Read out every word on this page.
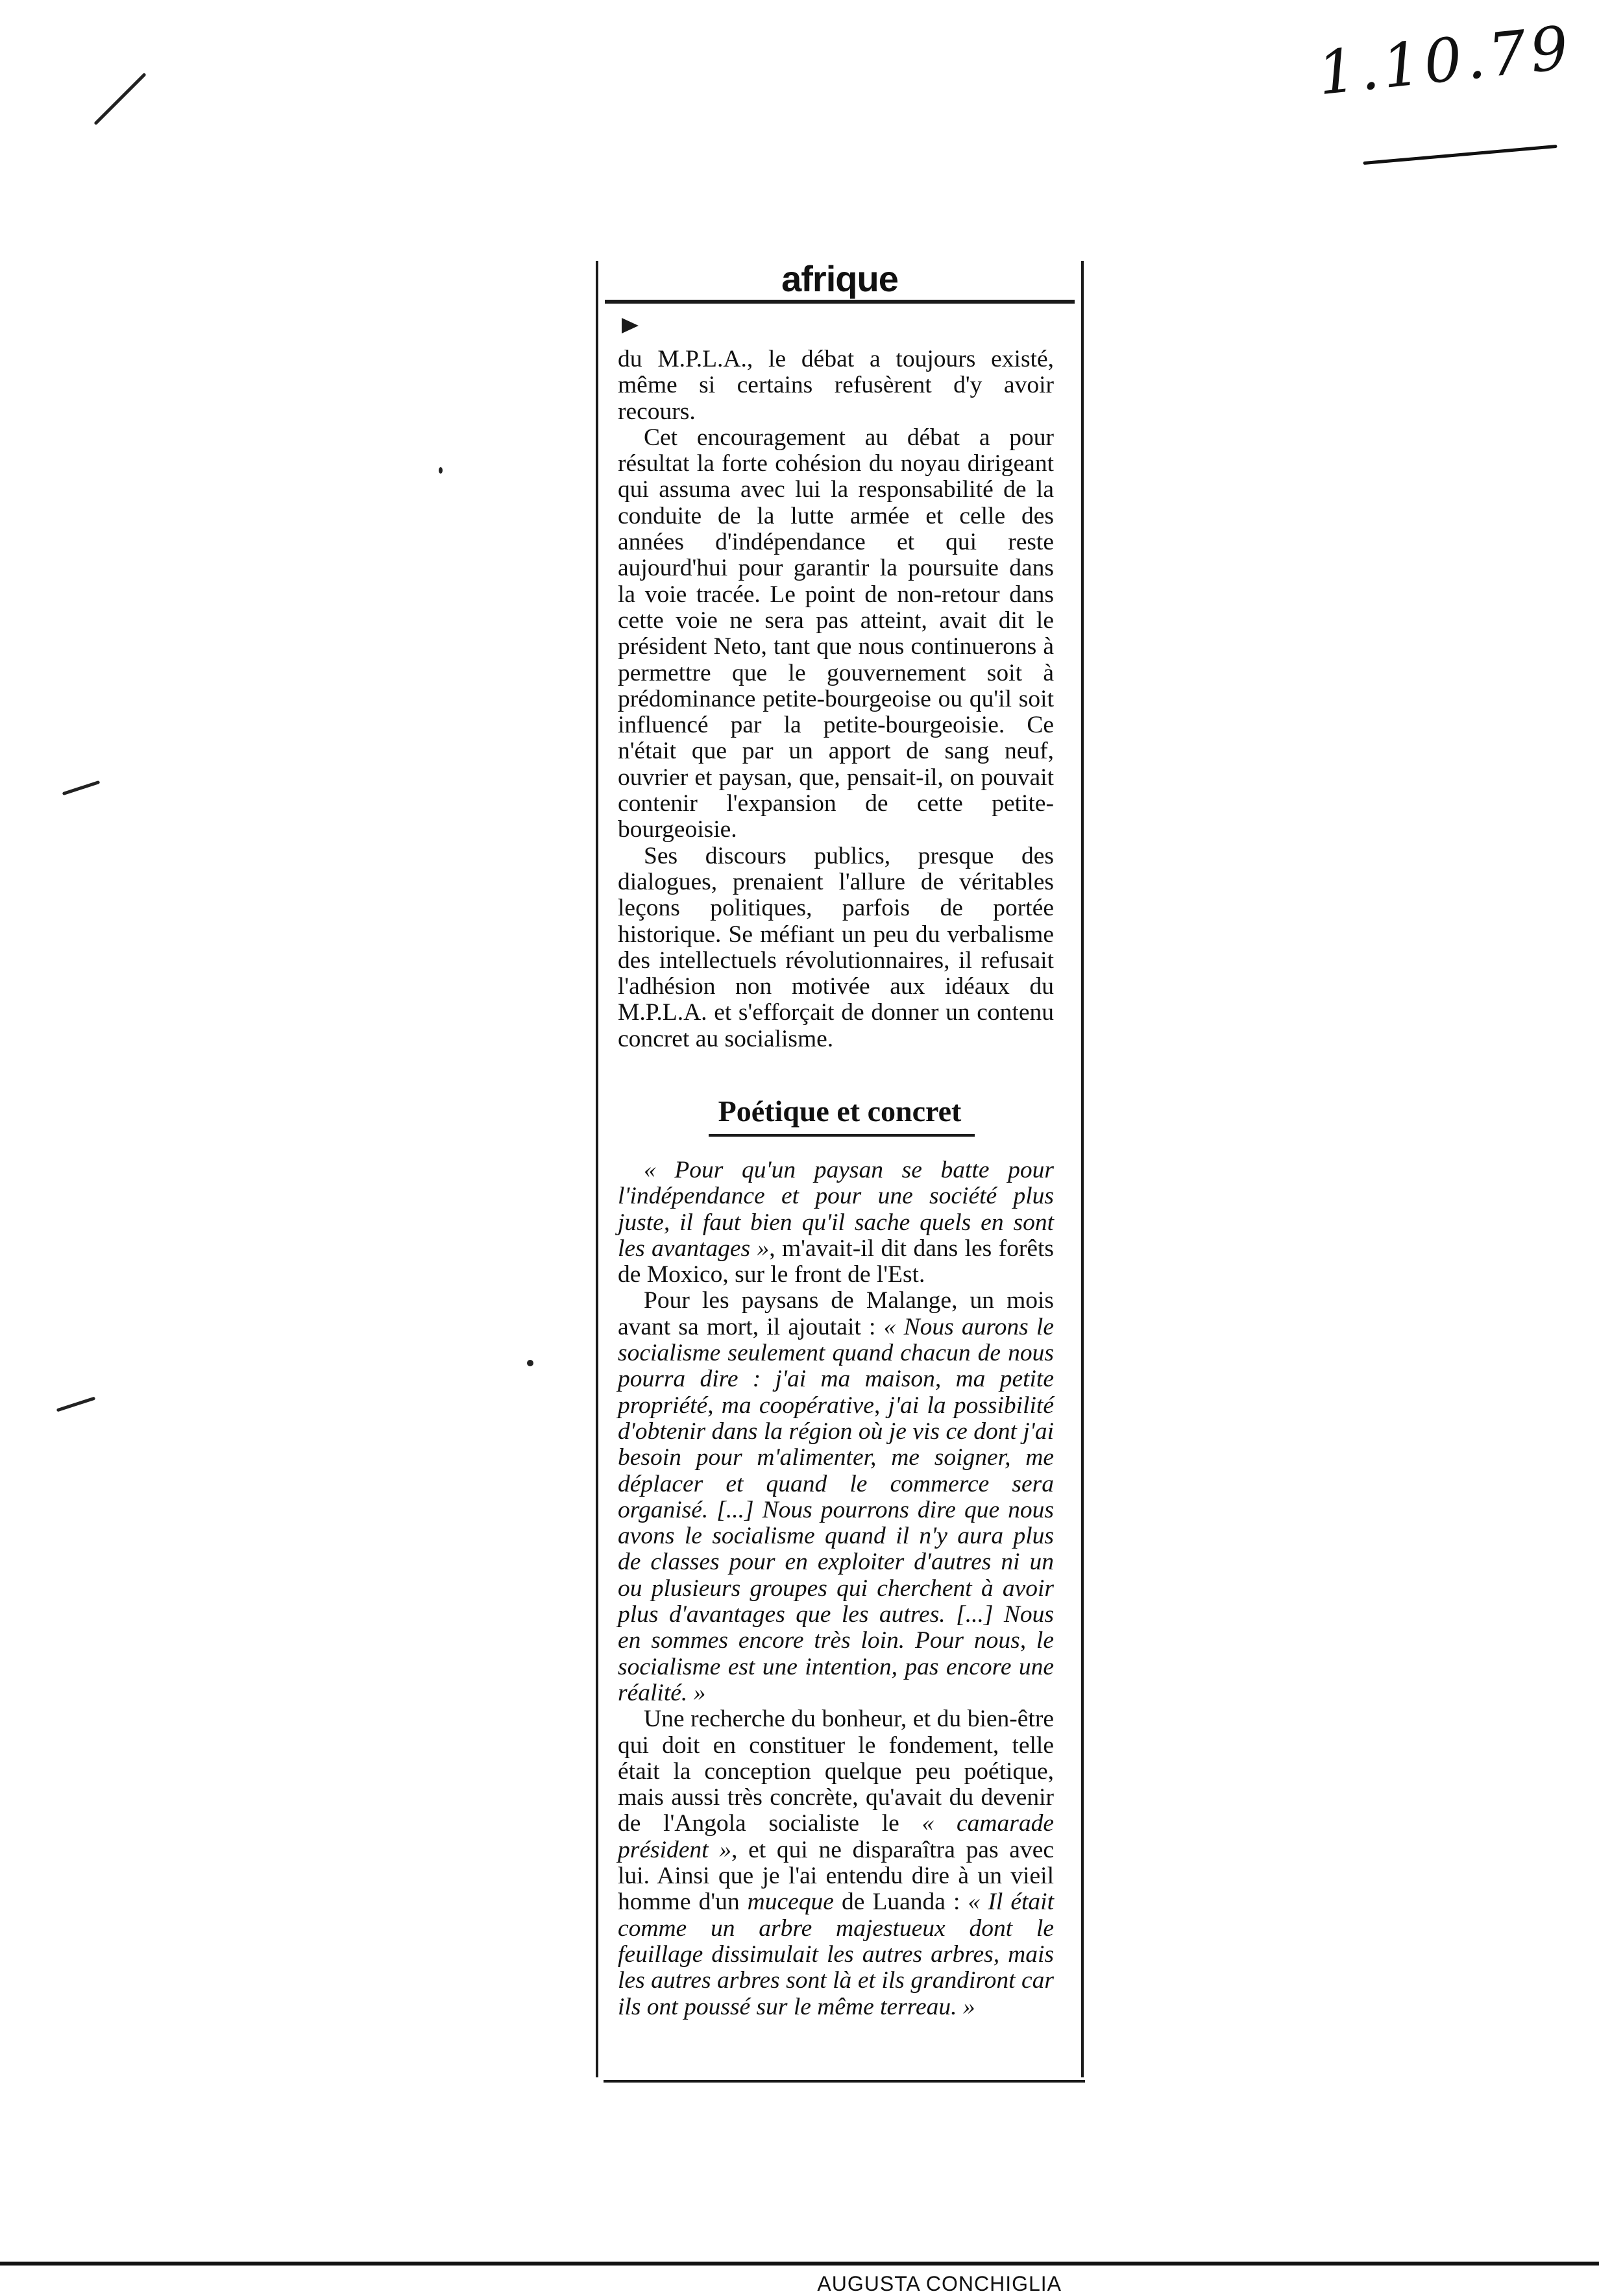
1.10.79
afrique

du M.P.L.A., le débat a toujours existé, même si certains refusèrent d'y avoir recours.

Cet encouragement au débat a pour résultat la forte cohésion du noyau dirigeant qui assuma avec lui la responsabilité de la conduite de la lutte armée et celle des années d'indépendance et qui reste aujourd'hui pour garantir la poursuite dans la voie tracée. Le point de non-retour dans cette voie ne sera pas atteint, avait dit le président Neto, tant que nous continuerons à permettre que le gouvernement soit à prédominance petite-bourgeoise ou qu'il soit influencé par la petite-bourgeoisie. Ce n'était que par un apport de sang neuf, ouvrier et paysan, que, pensait-il, on pouvait contenir l'expansion de cette petite-bourgeoisie.

Ses discours publics, presque des dialogues, prenaient l'allure de véritables leçons politiques, parfois de portée historique. Se méfiant un peu du verbalisme des intellectuels révolutionnaires, il refusait l'adhésion non motivée aux idéaux du M.P.L.A. et s'efforçait de donner un contenu concret au socialisme.

Poétique et concret

« Pour qu'un paysan se batte pour l'indépendance et pour une société plus juste, il faut bien qu'il sache quels en sont les avantages », m'avait-il dit dans les forêts de Moxico, sur le front de l'Est.

Pour les paysans de Malange, un mois avant sa mort, il ajoutait : « Nous aurons le socialisme seulement quand chacun de nous pourra dire : j'ai ma maison, ma petite propriété, ma coopérative, j'ai la possibilité d'obtenir dans la région où je vis ce dont j'ai besoin pour m'alimenter, me soigner, me déplacer et quand le commerce sera organisé. [...] Nous pourrons dire que nous avons le socialisme quand il n'y aura plus de classes pour en exploiter d'autres ni un ou plusieurs groupes qui cherchent à avoir plus d'avantages que les autres. [...] Nous en sommes encore très loin. Pour nous, le socialisme est une intention, pas encore une réalité. »

Une recherche du bonheur, et du bien-être qui doit en constituer le fondement, telle était la conception quelque peu poétique, mais aussi très concrète, qu'avait du devenir de l'Angola socialiste le « camarade président », et qui ne disparaîtra pas avec lui. Ainsi que je l'ai entendu dire à un vieil homme d'un muceque de Luanda : « Il était comme un arbre majestueux dont le feuillage dissimulait les autres arbres, mais les autres arbres sont là et ils grandiront car ils ont poussé sur le même terreau. »

AUGUSTA CONCHIGLIA
